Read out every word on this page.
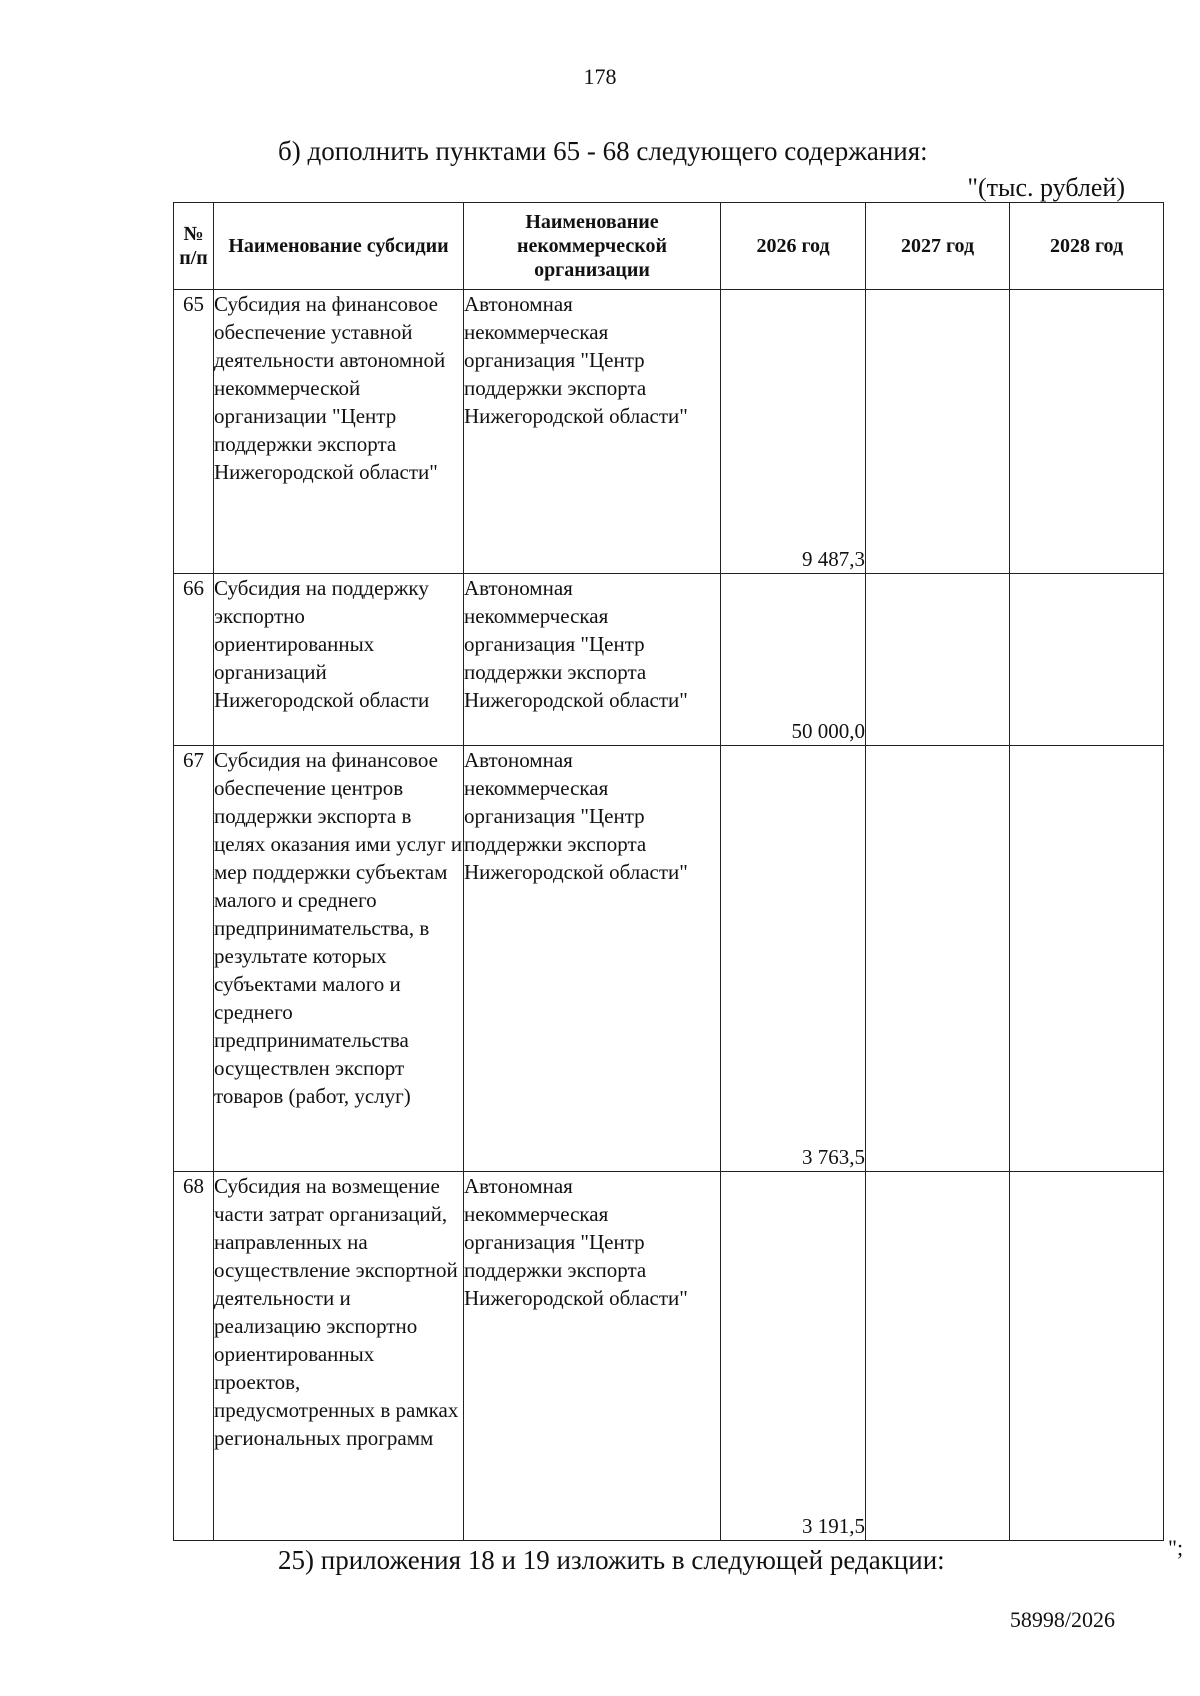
178
б) дополнить пунктами 65 - 68 следующего содержания:
"(тыс. рублей)
№ п/п	Наименование субсидии	Наименование некоммерческой организации	2026 год	2027 год	2028 год
65	Субсидия на финансовое обеспечение уставной деятельности автономной некоммерческой организации "Центр поддержки экспорта Нижегородской области"	Автономная некоммерческая организация "Центр поддержки экспорта Нижегородской области"	9 487,3		
66	Субсидия на поддержку экспортно ориентированных организаций Нижегородской области	Автономная некоммерческая организация "Центр поддержки экспорта Нижегородской области"	50 000,0		
67	Субсидия на финансовое обеспечение центров поддержки экспорта в целях оказания ими услуг и мер поддержки субъектам малого и среднего предпринимательства, в результате которых субъектами малого и среднего предпринимательства осуществлен экспорт товаров (работ, услуг)	Автономная некоммерческая организация "Центр поддержки экспорта Нижегородской области"	3 763,5		
68	Субсидия на возмещение части затрат организаций, направленных на осуществление экспортной деятельности и реализацию экспортно ориентированных проектов, предусмотренных в рамках региональных программ	Автономная некоммерческая организация "Центр поддержки экспорта Нижегородской области"	3 191,5		
";
25) приложения 18 и 19 изложить в следующей редакции:
58998/2026
